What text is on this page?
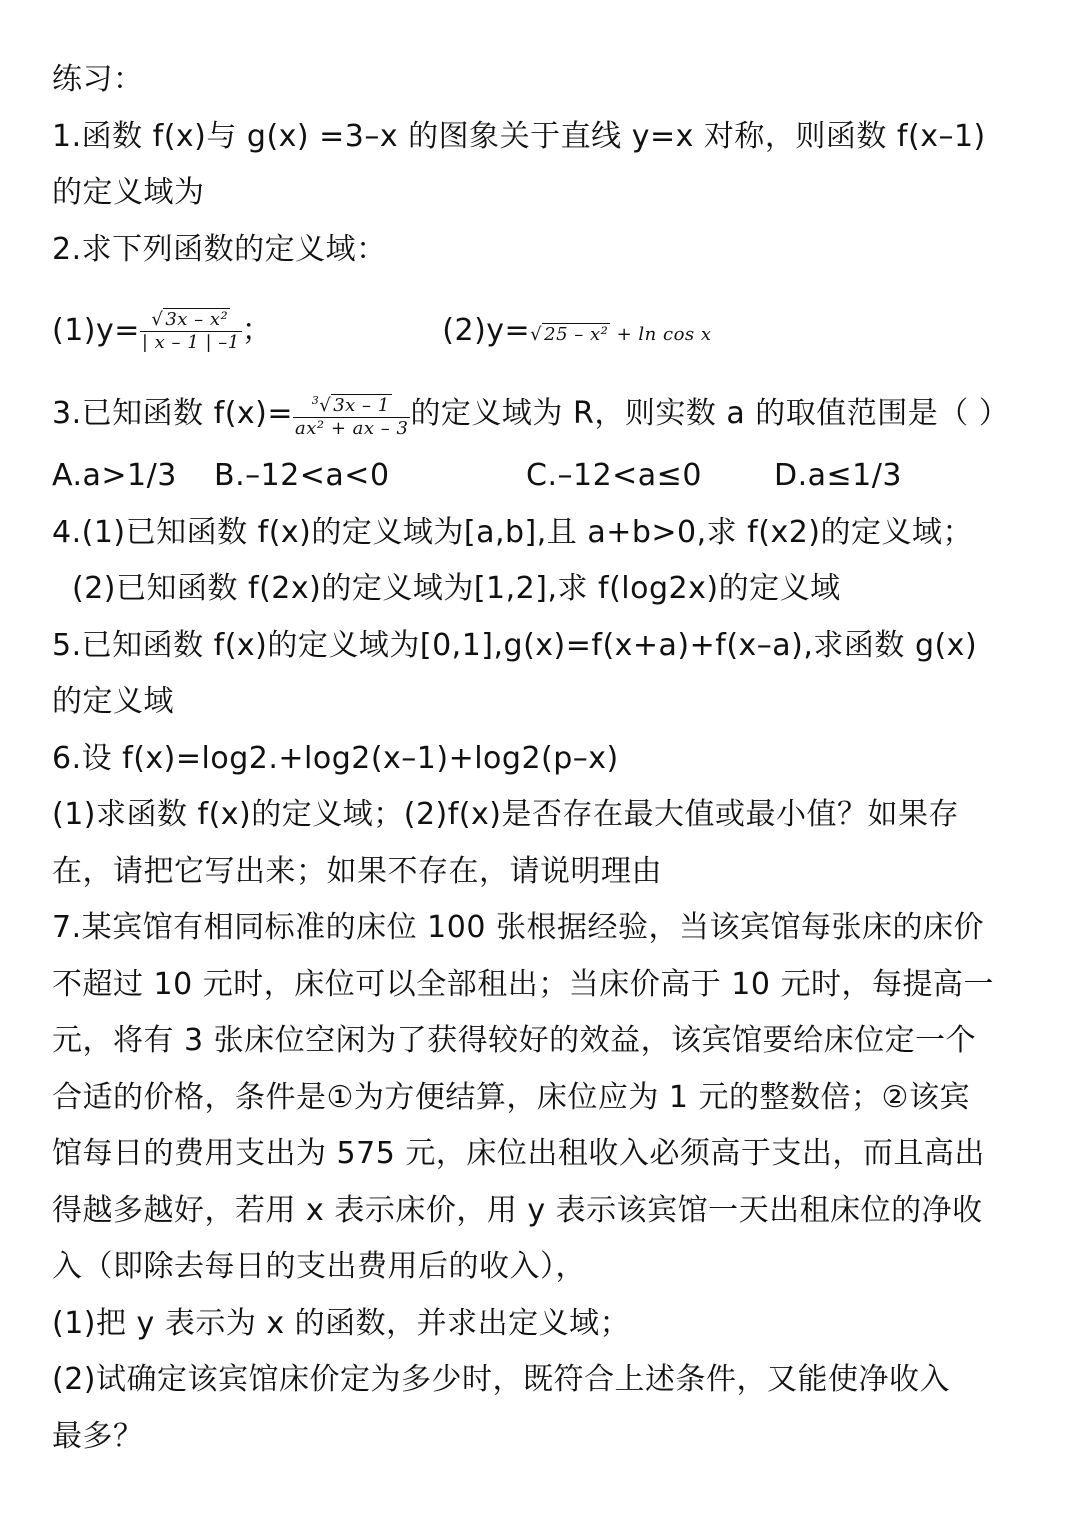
练习：
1.函数 f(x)与 g(x) =3–x 的图象关于直线 y=x 对称，则函数 f(x–1)
的定义域为
2.求下列函数的定义域：
$(1)y= \frac{\text{√ 3x – x²}}{| x - 1 | -1}$ ；	(2)y=√ 25 – x² + ln cos x
3.已知函数 $f(x)= \frac{^3√ 3x - 1}{\text{ax² + ax – 3}}$ 的定义域为 R，则实数 a 的取值范围是（ ）
A.a>1/3 B.–12<a<0	C.–12<a≤0 D.a≤1/3
4.(1)已知函数 f(x)的定义域为[a,b],且 a+b>0,求 f(x2)的定义域；
(2)已知函数 f(2x)的定义域为[1,2],求 f(log2x)的定义域
5.已知函数 f(x)的定义域为[0,1],g(x)=f(x+a)+f(x–a),求函数 g(x)
的定义域
6.设 f(x)=log2.+log2(x–1)+log2(p–x)
(1)求函数 f(x)的定义域；(2)f(x)是否存在最大值或最小值？如果存
在，请把它写出来；如果不存在，请说明理由
7.某宾馆有相同标准的床位 100 张根据经验，当该宾馆每张床的床价
不超过 10 元时，床位可以全部租出；当床价高于 10 元时，每提高一
元，将有 3 张床位空闲为了获得较好的效益，该宾馆要给床位定一个
合适的价格，条件是①为方便结算，床位应为 1 元的整数倍；②该宾
馆每日的费用支出为 575 元，床位出租收入必须高于支出，而且高出
得越多越好，若用 x 表示床价，用 y 表示该宾馆一天出租床位的净收
入（即除去每日的支出费用后的收入），
(1)把 y 表示为 x 的函数，并求出定义域；
(2)试确定该宾馆床价定为多少时，既符合上述条件，又能使净收入
最多？
